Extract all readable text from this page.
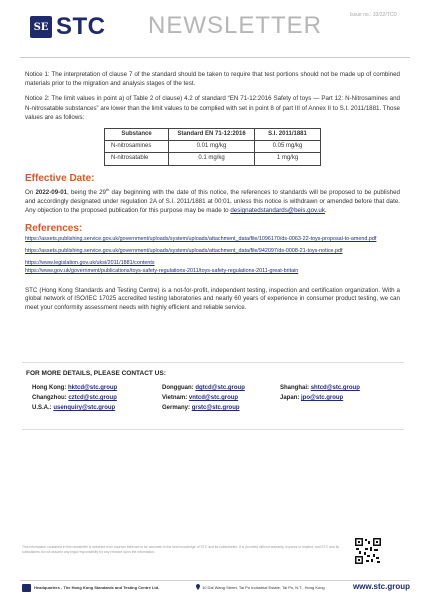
SE STC NEWSLETTER	Issue no.: 33/22/TCD

Notice 1: The interpretation of clause 7 of the standard should be taken to require that test portions should not be made up of combined materials prior to the migration and analysis stages of the test.

Notice 2: The limit values in point a) of Table 2 of clause) 4.2 of standard “EN 71-12:2016 Safety of toys — Part 12: N-Nitrosamines and N-nitrosatable substances” are lower than the limit values to be complied with set in point 8 of part III of Annex II to S.I. 2011/1881. Those values are as follows:

Substance	Standard EN 71-12:2016	S.I. 2011/1881
N-nitrosamines	0.01 mg/kg	0.05 mg/kg
N-nitrosatable	0.1 mg/kg	1 mg/kg
Effective Date:

On 2022-09-01, being the 29th day beginning with the date of this notice, the references to standards will be proposed to be published and accordingly designated under regulation 2A of S.I. 2011/1881 at 00:01, unless this notice is withdrawn or amended before that date. Any objection to the proposed publication for this purpose may be made to designatedstandards@beis.gov.uk.

References:
https://assets.publishing.service.gov.uk/government/uploads/system/uploads/attachment_data/file/1096170/ds-0063-22-toys-proposal-to-amend.pdf
https://assets.publishing.service.gov.uk/government/uploads/system/uploads/attachment_data/file/942097/ds-0008-21-toys-notice.pdf
https://www.legislation.gov.uk/uksi/2011/1881/contents
https://www.gov.uk/government/publications/toys-safety-regulations-2011/toys-safety-regulations-2011-great-britain

STC (Hong Kong Standards and Testing Centre) is a not-for-profit, independent testing, inspection and certification organization. With a global network of ISO/IEC 17025 accredited testing laboratories and nearly 60 years of experience in consumer product testing, we can meet your conformity assessment needs with highly efficient and reliable service.

FOR MORE DETAILS, PLEASE CONTACT US:
Hong Kong: hktcd@stc.group	Dongguan: dgtcd@stc.group	Shanghai: shtcd@stc.group
Changzhou: cztcd@stc.group	Vietnam: vntcd@stc.group	Japan: jpo@stc.group
U.S.A.: usenquiry@stc.group	Germany: grstc@stc.group
This information contained in this newsletter is obtained from sources believed to be accurate to the best knowledge of STC and its subsidiaries. It is provided without warranty, express or implied, and STC and its subsidiaries do not assume any legal responsibility for any reliance upon the information.
Headquarters - The Hong Kong Standards and Testing Centre Ltd.	10 Dai Wang Street, Tai Po Industrial Estate, Tai Po, N.T., Hong Kong	www.stc.group
